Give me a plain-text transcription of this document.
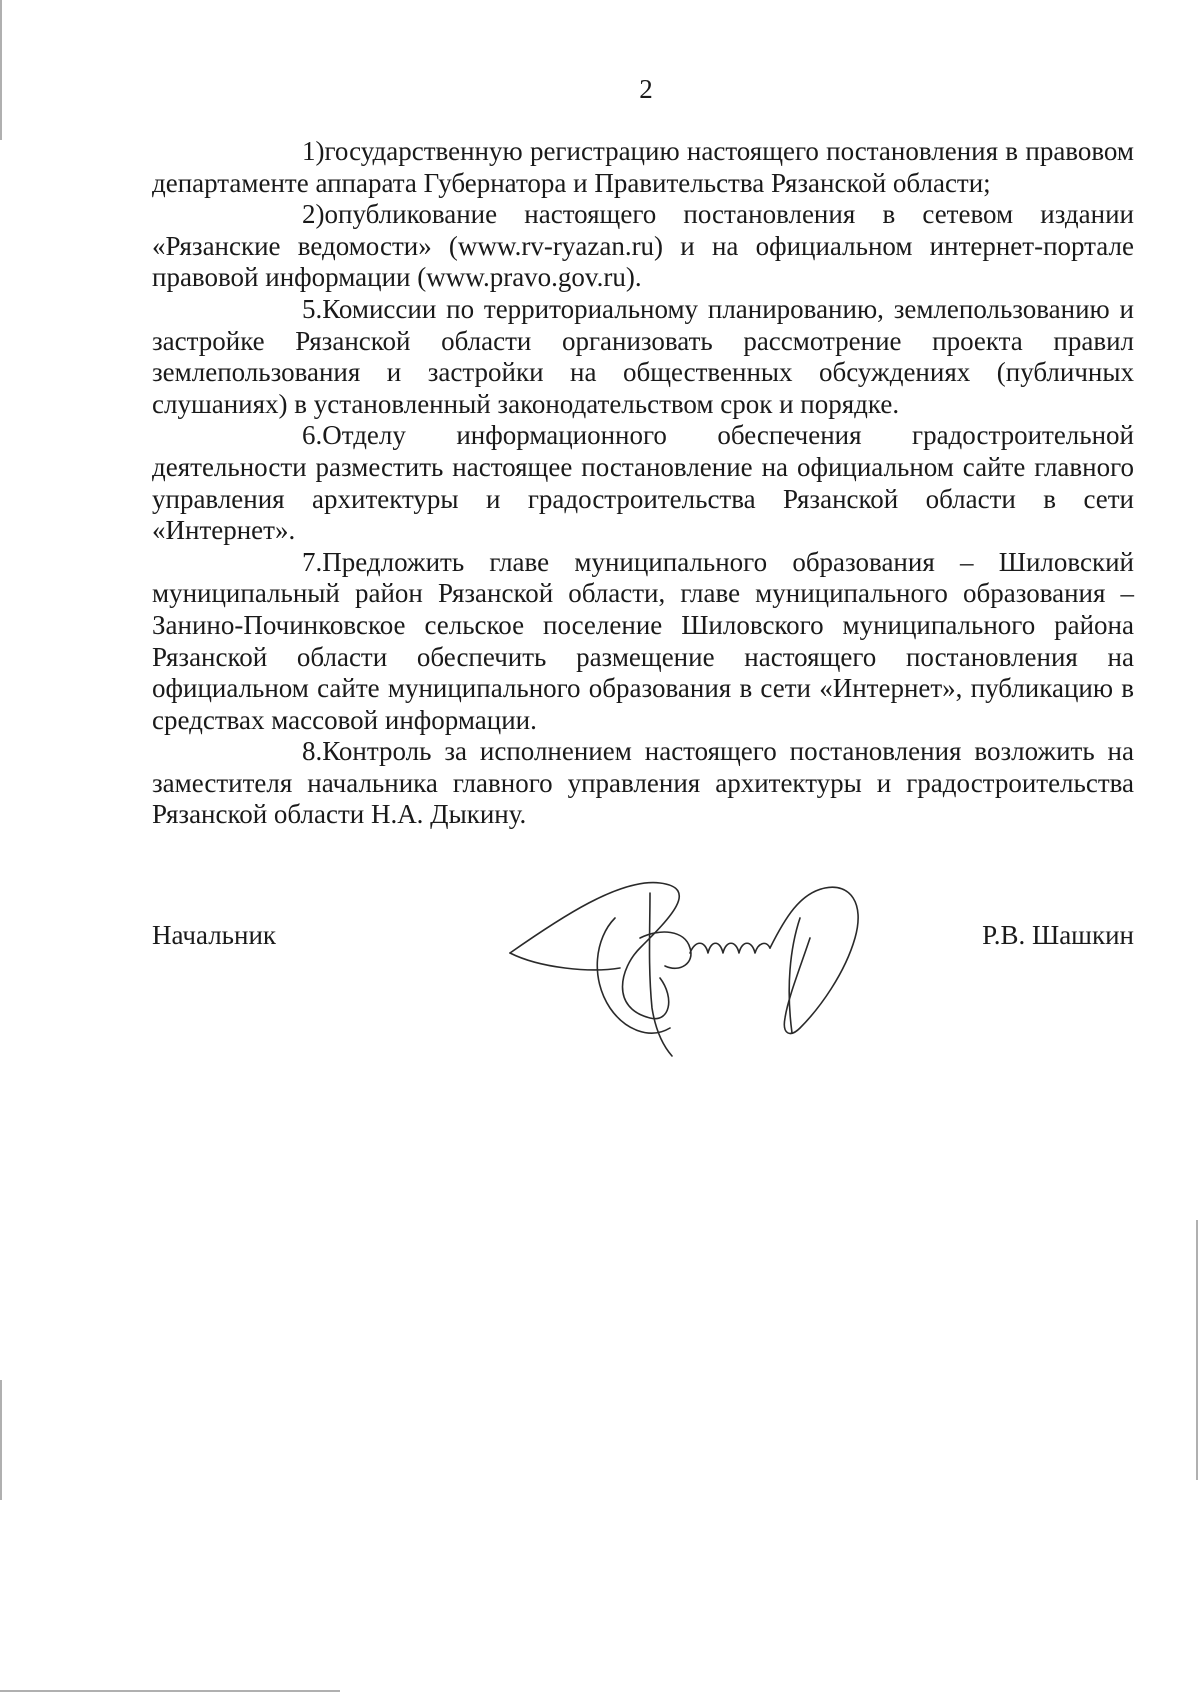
2

1)государственную регистрацию настоящего постановления в правовом департаменте аппарата Губернатора и Правительства Рязанской области;

2)опубликование настоящего постановления в сетевом издании «Рязанские ведомости» (www.rv-ryazan.ru) и на официальном интернет-портале правовой информации (www.pravo.gov.ru).

5.Комиссии по территориальному планированию, землепользованию и застройке Рязанской области организовать рассмотрение проекта правил землепользования и застройки на общественных обсуждениях (публичных слушаниях) в установленный законодательством срок и порядке.

6.Отделу информационного обеспечения градостроительной деятельности разместить настоящее постановление на официальном сайте главного управления архитектуры и градостроительства Рязанской области в сети «Интернет».

7.Предложить главе муниципального образования – Шиловский муниципальный район Рязанской области, главе муниципального образования – Занино-Починковское сельское поселение Шиловского муниципального района Рязанской области обеспечить размещение настоящего постановления на официальном сайте муниципального образования в сети «Интернет», публикацию в средствах массовой информации.

8.Контроль за исполнением настоящего постановления возложить на заместителя начальника главного управления архитектуры и градостроительства Рязанской области Н.А. Дыкину.

Начальник	Р.В. Шашкин
